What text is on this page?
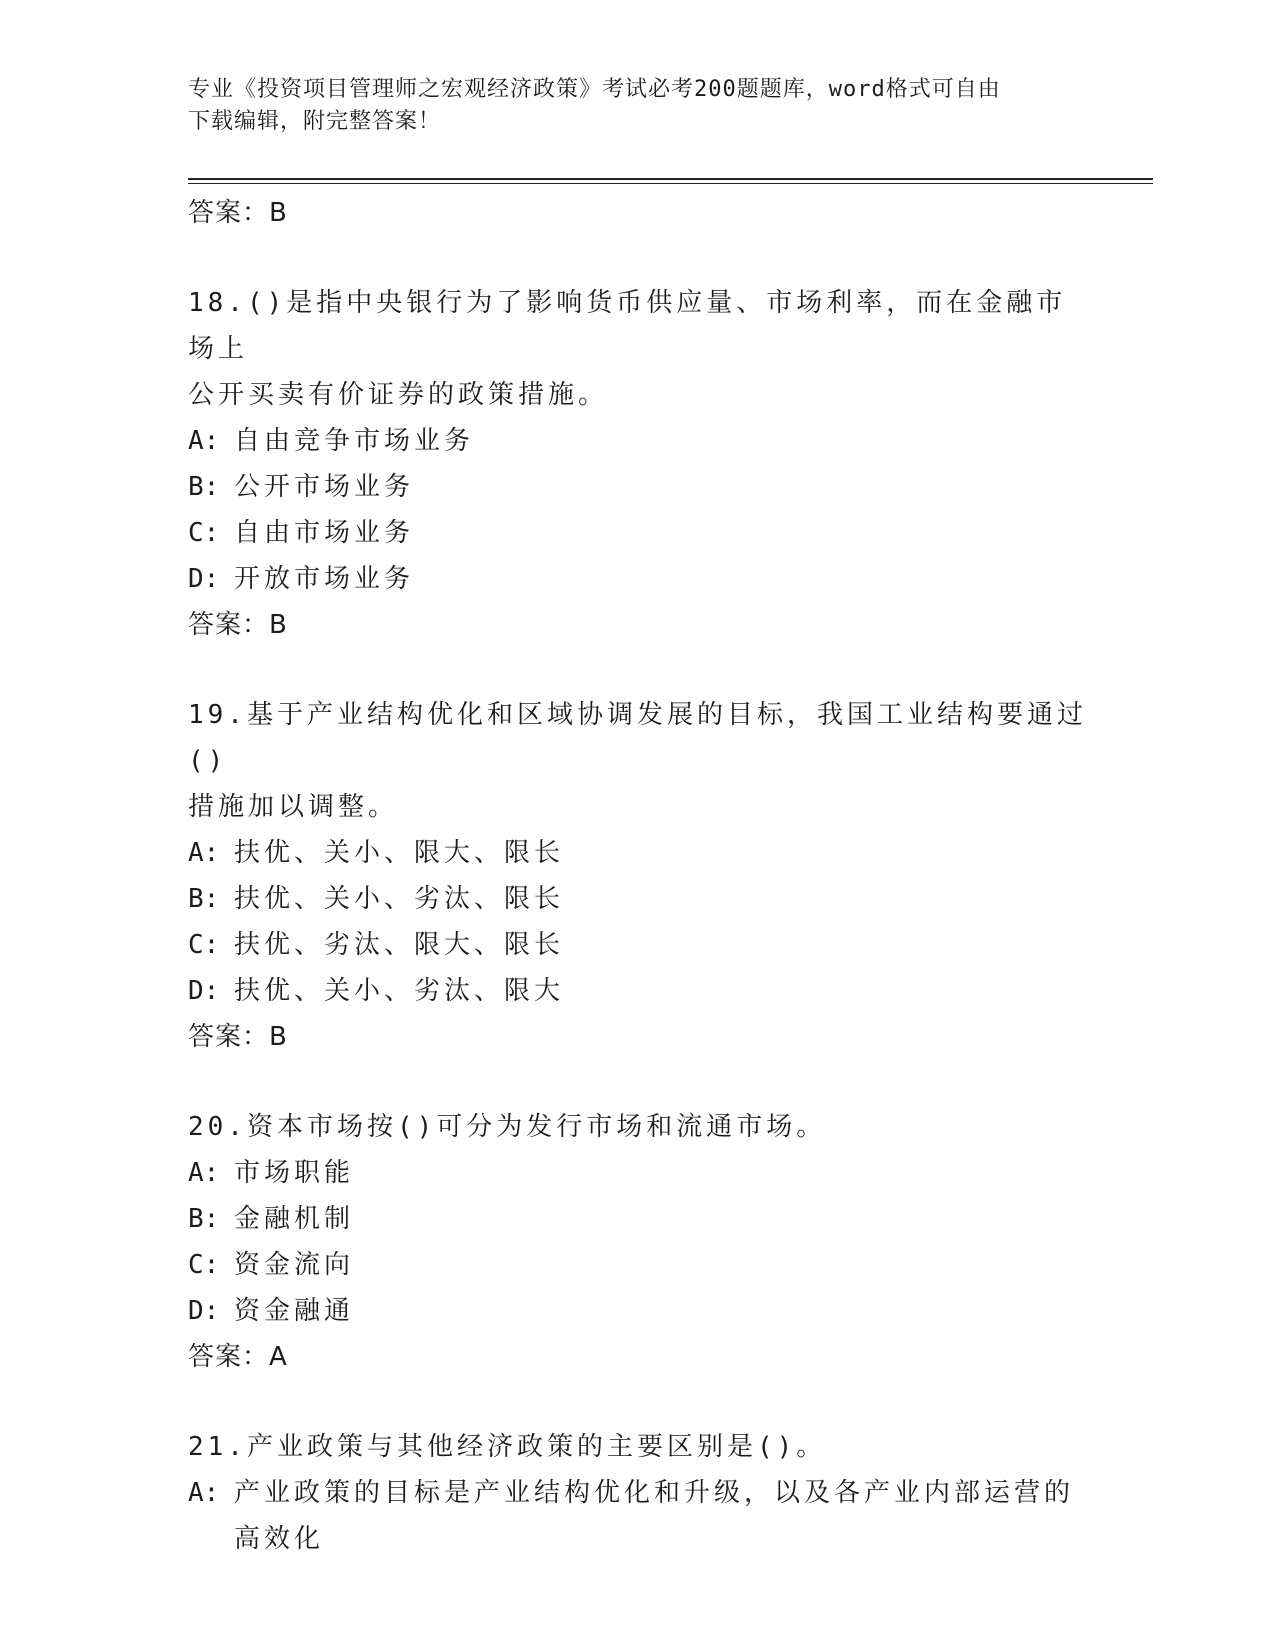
专业《投资项目管理师之宏观经济政策》考试必考200题题库，word格式可自由
下载编辑，附完整答案！
答案：B
18.()是指中央银行为了影响货币供应量、市场利率，而在金融市场上
公开买卖有价证券的政策措施。
A: 自由竞争市场业务
B: 公开市场业务
C: 自由市场业务
D: 开放市场业务
答案：B
19.基于产业结构优化和区域协调发展的目标，我国工业结构要通过()
措施加以调整。
A: 扶优、关小、限大、限长
B: 扶优、关小、劣汰、限长
C: 扶优、劣汰、限大、限长
D: 扶优、关小、劣汰、限大
答案：B
20.资本市场按()可分为发行市场和流通市场。
A: 市场职能
B: 金融机制
C: 资金流向
D: 资金融通
答案：A
21.产业政策与其他经济政策的主要区别是()。
A: 产业政策的目标是产业结构优化和升级，以及各产业内部运营的高效化
